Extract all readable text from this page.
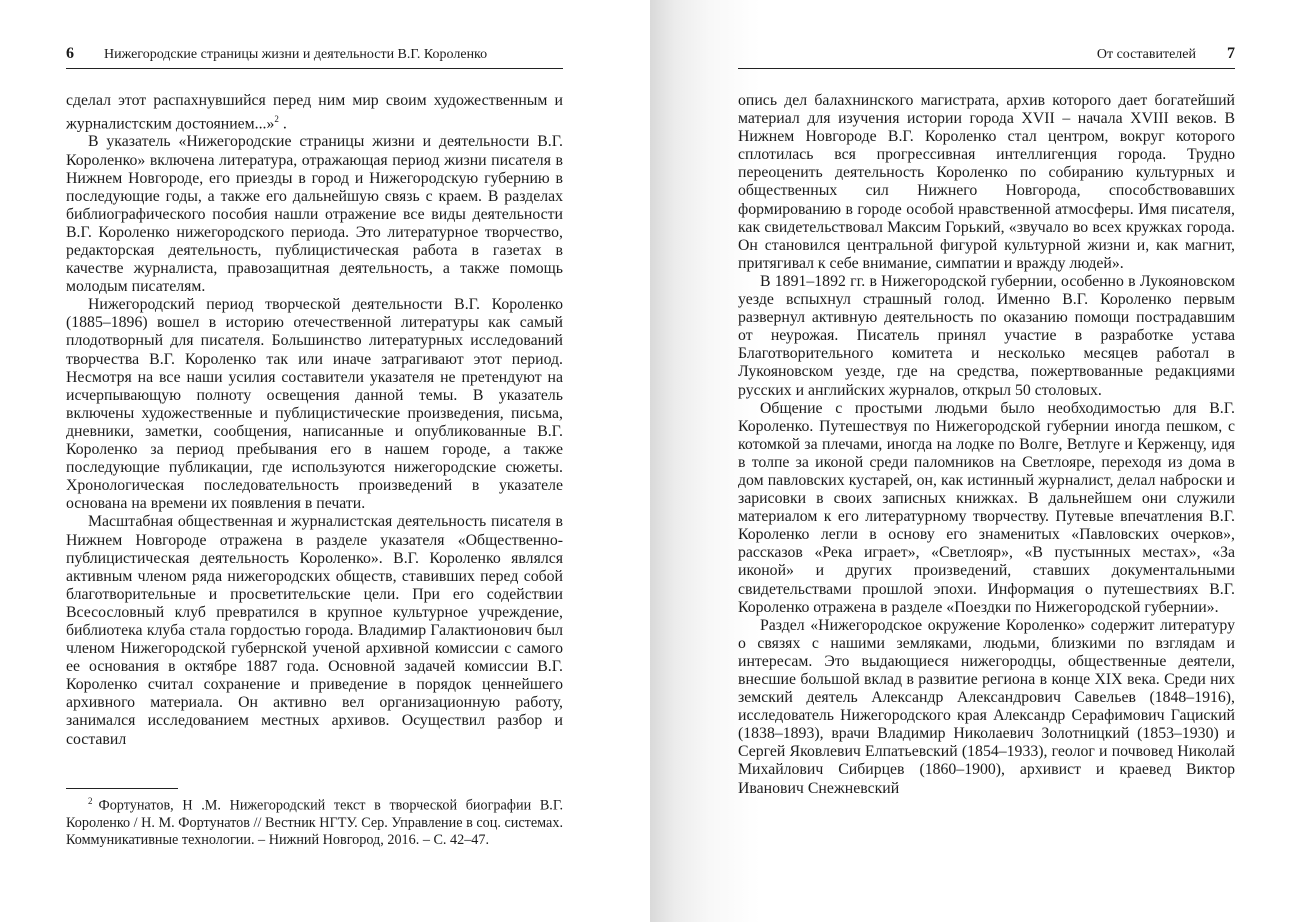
6 Нижегородские страницы жизни и деятельности В.Г. Короленко

сделал этот распахнувшийся перед ним мир своим художественным и журналистским достоянием...»$^2$ .

В указатель «Нижегородские страницы жизни и деятельности В.Г. Короленко» включена литература, отражающая период жизни писателя в Нижнем Новгороде, его приезды в город и Нижегородскую губернию в последующие годы, а также его дальнейшую связь с краем. В разделах библиографического пособия нашли отражение все виды деятельности В.Г. Короленко нижегородского периода. Это литературное творчество, редакторская деятельность, публицистическая работа в газетах в качестве журналиста, правозащитная деятельность, а также помощь молодым писателям.

Нижегородский период творческой деятельности В.Г. Короленко (1885–1896) вошел в историю отечественной литературы как самый плодотворный для писателя. Большинство литературных исследований творчества В.Г. Короленко так или иначе затрагивают этот период. Несмотря на все наши усилия составители указателя не претендуют на исчерпывающую полноту освещения данной темы. В указатель включены художественные и публицистические произведения, письма, дневники, заметки, сообщения, написанные и опубликованные В.Г. Короленко за период пребывания его в нашем городе, а также последующие публикации, где используются нижегородские сюжеты. Хронологическая последовательность произведений в указателе основана на времени их появления в печати.

Масштабная общественная и журналистская деятельность писателя в Нижнем Новгороде отражена в разделе указателя «Общественно-публицистическая деятельность Короленко». В.Г. Короленко являлся активным членом ряда нижегородских обществ, ставивших перед собой благотворительные и просветительские цели. При его содействии Всесословный клуб превратился в крупное культурное учреждение, библиотека клуба стала гордостью города. Владимир Галактионович был членом Нижегородской губернской ученой архивной комиссии с самого ее основания в октябре 1887 года. Основной задачей комиссии В.Г. Короленко считал сохранение и приведение в порядок ценнейшего архивного материала. Он активно вел организационную работу, занимался исследованием местных архивов. Осуществил разбор и составил

$^2$ Фортунатов, Н .М. Нижегородский текст в творческой биографии В.Г. Короленко / Н. М. Фортунатов // Вестник НГТУ. Сер. Управление в соц. системах. Коммуникативные технологии. – Нижний Новгород, 2016. – С. 42–47.
От составителей 7

опись дел балахнинского магистрата, архив которого дает богатейший материал для изучения истории города XVII – начала XVIII веков. В Нижнем Новгороде В.Г. Короленко стал центром, вокруг которого сплотилась вся прогрессивная интеллигенция города. Трудно переоценить деятельность Короленко по собиранию культурных и общественных сил Нижнего Новгорода, способствовавших формированию в городе особой нравственной атмосферы. Имя писателя, как свидетельствовал Максим Горький, «звучало во всех кружках города. Он становился центральной фигурой культурной жизни и, как магнит, притягивал к себе внимание, симпатии и вражду людей».

В 1891–1892 гг. в Нижегородской губернии, особенно в Лукояновском уезде вспыхнул страшный голод. Именно В.Г. Короленко первым развернул активную деятельность по оказанию помощи пострадавшим от неурожая. Писатель принял участие в разработке устава Благотворительного комитета и несколько месяцев работал в Лукояновском уезде, где на средства, пожертвованные редакциями русских и английских журналов, открыл 50 столовых.

Общение с простыми людьми было необходимостью для В.Г. Короленко. Путешествуя по Нижегородской губернии иногда пешком, с котомкой за плечами, иногда на лодке по Волге, Ветлуге и Керженцу, идя в толпе за иконой среди паломников на Светлояре, переходя из дома в дом павловских кустарей, он, как истинный журналист, делал наброски и зарисовки в своих записных книжках. В дальнейшем они служили материалом к его литературному творчеству. Путевые впечатления В.Г. Короленко легли в основу его знаменитых «Павловских очерков», рассказов «Река играет», «Светлояр», «В пустынных местах», «За иконой» и других произведений, ставших документальными свидетельствами прошлой эпохи. Информация о путешествиях В.Г. Короленко отражена в разделе «Поездки по Нижегородской губернии».

Раздел «Нижегородское окружение Короленко» содержит литературу о связях с нашими земляками, людьми, близкими по взглядам и интересам. Это выдающиеся нижегородцы, общественные деятели, внесшие большой вклад в развитие региона в конце XIX века. Среди них земский деятель Александр Александрович Савельев (1848–1916), исследователь Нижегородского края Александр Серафимович Гациский (1838–1893), врачи Владимир Николаевич Золотницкий (1853–1930) и Сергей Яковлевич Елпатьевский (1854–1933), геолог и почвовед Николай Михайлович Сибирцев (1860–1900), архивист и краевед Виктор Иванович Снежневский
